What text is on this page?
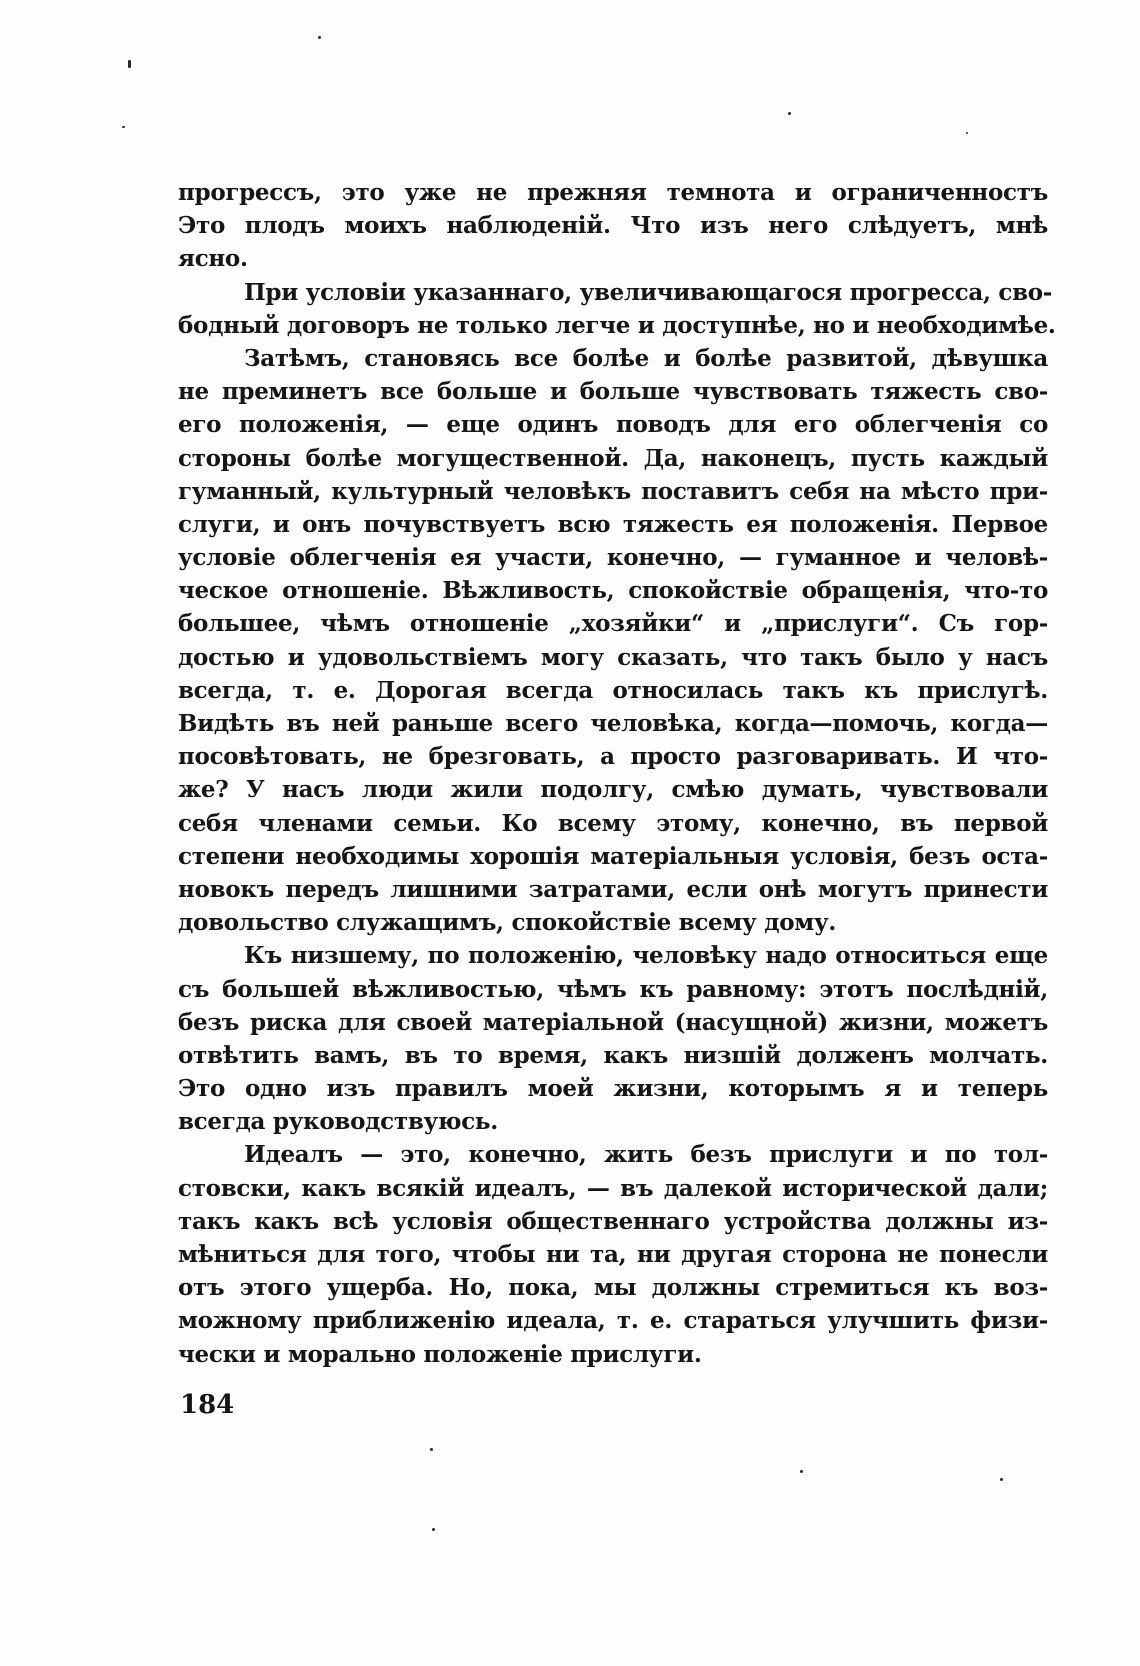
прогрессъ, это уже не прежняя темнота и ограниченностъ
Это плодъ моихъ наблюденій. Что изъ него слѣдуетъ, мнѣ
ясно.
При условіи указаннаго, увеличивающагося прогресса, сво-
бодный договоръ не только легче и доступнѣе, но и необходимѣе.
Затѣмъ, становясь все болѣе и болѣе развитой, дѣвушка
не преминетъ все больше и больше чувствовать тяжесть сво-
его положенія, — еще одинъ поводъ для его облегченія со
стороны болѣе могущественной. Да, наконецъ, пусть каждый
гуманный, культурный человѣкъ поставитъ себя на мѣсто при-
слуги, и онъ почувствуетъ всю тяжесть ея положенія. Первое
условіе облегченія ея участи, конечно, — гуманное и человѣ-
ческое отношеніе. Вѣжливость, спокойствіе обращенія, что-то
большее, чѣмъ отношеніе „хозяйки“ и „прислуги“. Съ гор-
достью и удовольствіемъ могу сказать, что такъ было у насъ
всегда, т. е. Дорогая всегда относилась такъ къ прислугѣ.
Видѣть въ ней раньше всего человѣка, когда—помочь, когда—
посовѣтовать, не брезговать, а просто разговаривать. И что-
же? У насъ люди жили подолгу, смѣю думать, чувствовали
себя членами семьи. Ко всему этому, конечно, въ первой
степени необходимы хорошія матеріальныя условія, безъ оста-
новокъ передъ лишними затратами, если онѣ могутъ принести
довольство служащимъ, спокойствіе всему дому.
Къ низшему, по положенію, человѣку надо относиться еще
съ большей вѣжливостью, чѣмъ къ равному: этотъ послѣдній,
безъ риска для своей матеріальной (насущной) жизни, можетъ
отвѣтить вамъ, въ то время, какъ низшій долженъ молчать.
Это одно изъ правилъ моей жизни, которымъ я и теперь
всегда руководствуюсь.
Идеалъ — это, конечно, жить безъ прислуги и по тол-
стовски, какъ всякій идеалъ, — въ далекой исторической дали;
такъ какъ всѣ условія общественнаго устройства должны из-
мѣниться для того, чтобы ни та, ни другая сторона не понесли
отъ этого ущерба. Но, пока, мы должны стремиться къ воз-
можному приближенію идеала, т. е. стараться улучшить физи-
чески и морально положеніе прислуги.
184
